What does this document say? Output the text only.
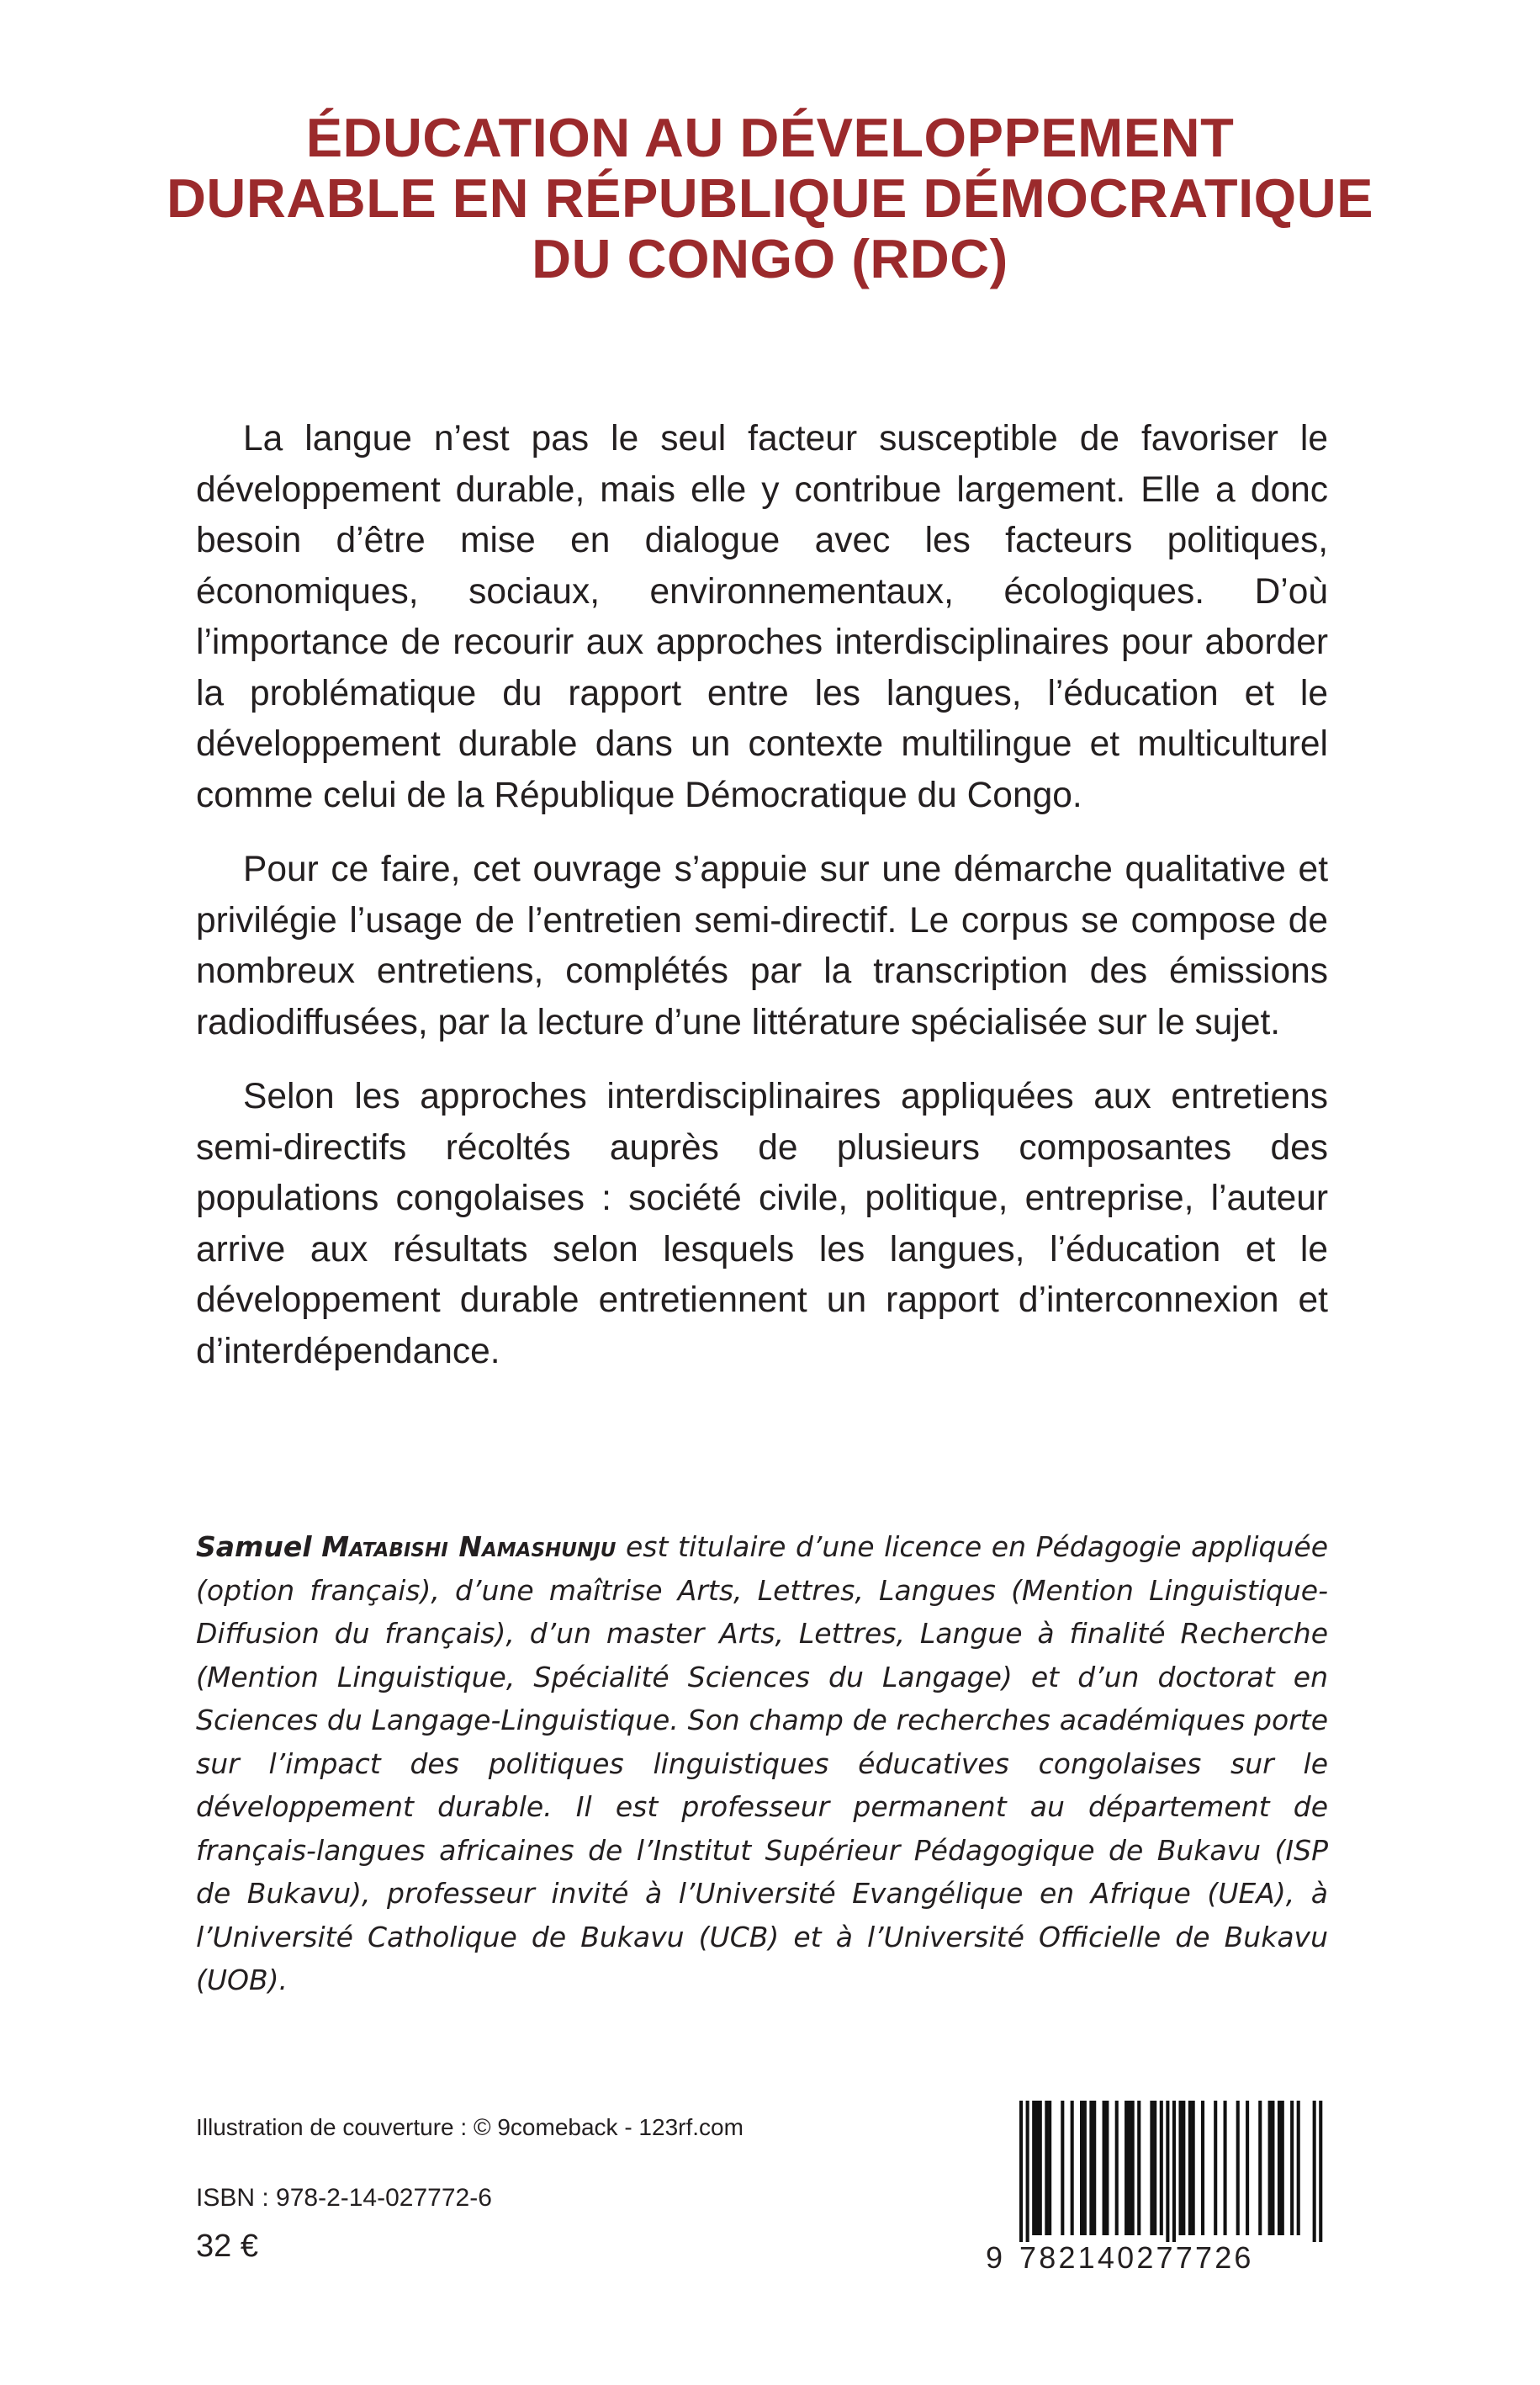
ÉDUCATION AU DÉVELOPPEMENT
DURABLE EN RÉPUBLIQUE DÉMOCRATIQUE
DU CONGO (RDC)

La langue n’est pas le seul facteur susceptible de favoriser le développement durable, mais elle y contribue largement. Elle a donc besoin d’être mise en dialogue avec les facteurs politiques, économiques, sociaux, environnementaux, écologiques. D’où l’importance de recourir aux approches interdisciplinaires pour aborder la problématique du rapport entre les langues, l’éducation et le développement durable dans un contexte multilingue et multiculturel comme celui de la République Démocratique du Congo.

Pour ce faire, cet ouvrage s’appuie sur une démarche qualitative et privilégie l’usage de l’entretien semi-directif. Le corpus se compose de nombreux entretiens, complétés par la transcription des émissions radiodiffusées, par la lecture d’une littérature spécialisée sur le sujet.

Selon les approches interdisciplinaires appliquées aux entretiens semi-directifs récoltés auprès de plusieurs composantes des populations congolaises : société civile, politique, entreprise, l’auteur arrive aux résultats selon lesquels les langues, l’éducation et le développement durable entretiennent un rapport d’interconnexion et d’interdépendance.

Samuel Matabishi Namashunju est titulaire d’une licence en Pédagogie appliquée (option français), d’une maîtrise Arts, Lettres, Langues (Mention Linguistique-Diffusion du français), d’un master Arts, Lettres, Langue à finalité Recherche (Mention Linguistique, Spécialité Sciences du Langage) et d’un doctorat en Sciences du Langage-Linguistique. Son champ de recherches académiques porte sur l’impact des politiques linguistiques éducatives congolaises sur le développement durable. Il est professeur permanent au département de français-langues africaines de l’Institut Supérieur Pédagogique de Bukavu (ISP de Bukavu), professeur invité à l’Université Evangélique en Afrique (UEA), à l’Université Catholique de Bukavu (UCB) et à l’Université Officielle de Bukavu (UOB).

Illustration de couverture : © 9comeback - 123rf.com
ISBN : 978-2-14-027772-6
32 €	9 782140277726
